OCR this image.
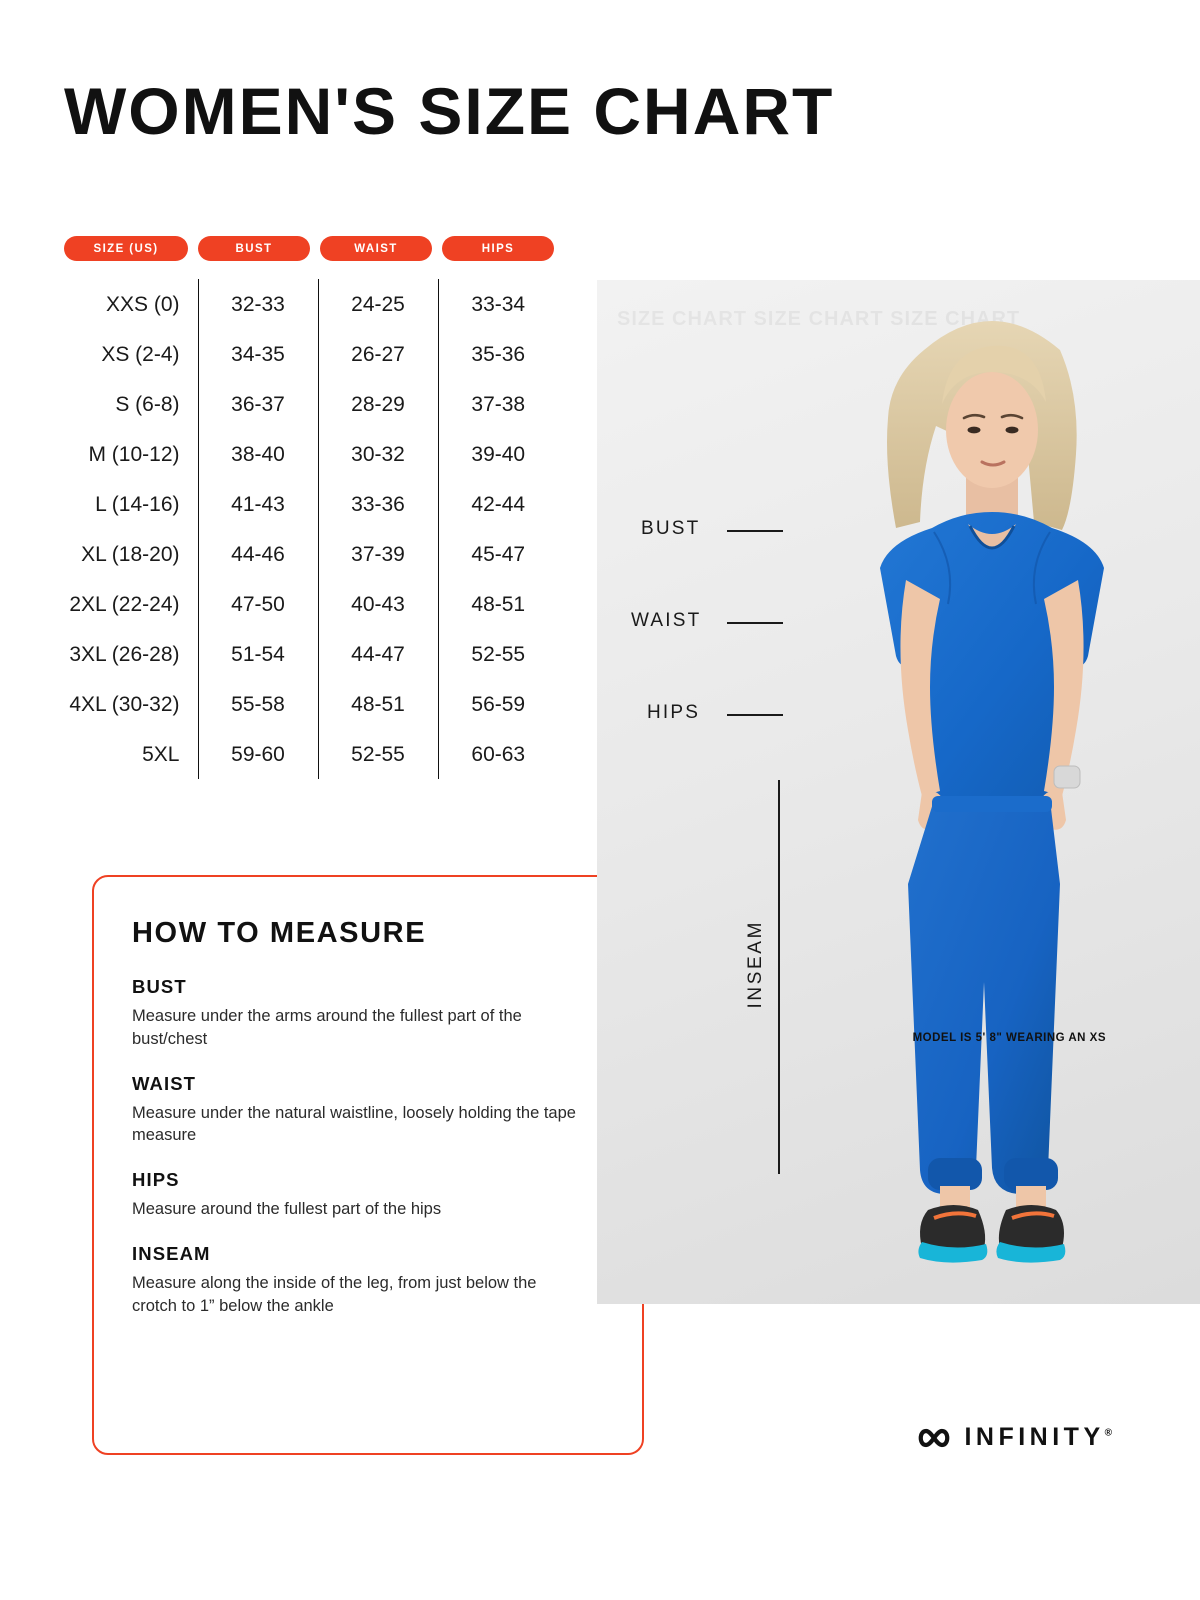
WOMEN'S SIZE CHART
SIZE (US)	BUST	WAIST	HIPS
XXS (0)	32-33	24-25	33-34
XS (2-4)	34-35	26-27	35-36
S (6-8)	36-37	28-29	37-38
M (10-12)	38-40	30-32	39-40
L (14-16)	41-43	33-36	42-44
XL (18-20)	44-46	37-39	45-47
2XL (22-24)	47-50	40-43	48-51
3XL (26-28)	51-54	44-47	52-55
4XL (30-32)	55-58	48-51	56-59
5XL	59-60	52-55	60-63
HOW TO MEASURE
BUST

Measure under the arms around the fullest part of the bust/chest

WAIST

Measure under the natural waistline, loosely holding the tape measure

HIPS

Measure around the fullest part of the hips

INSEAM

Measure along the inside of the leg, from just below the crotch to 1” below the ankle

SIZE CHART SIZE CHART SIZE CHART
BUST
WAIST
HIPS
INSEAM
MODEL IS 5' 8" WEARING AN XS
INFINITY®
